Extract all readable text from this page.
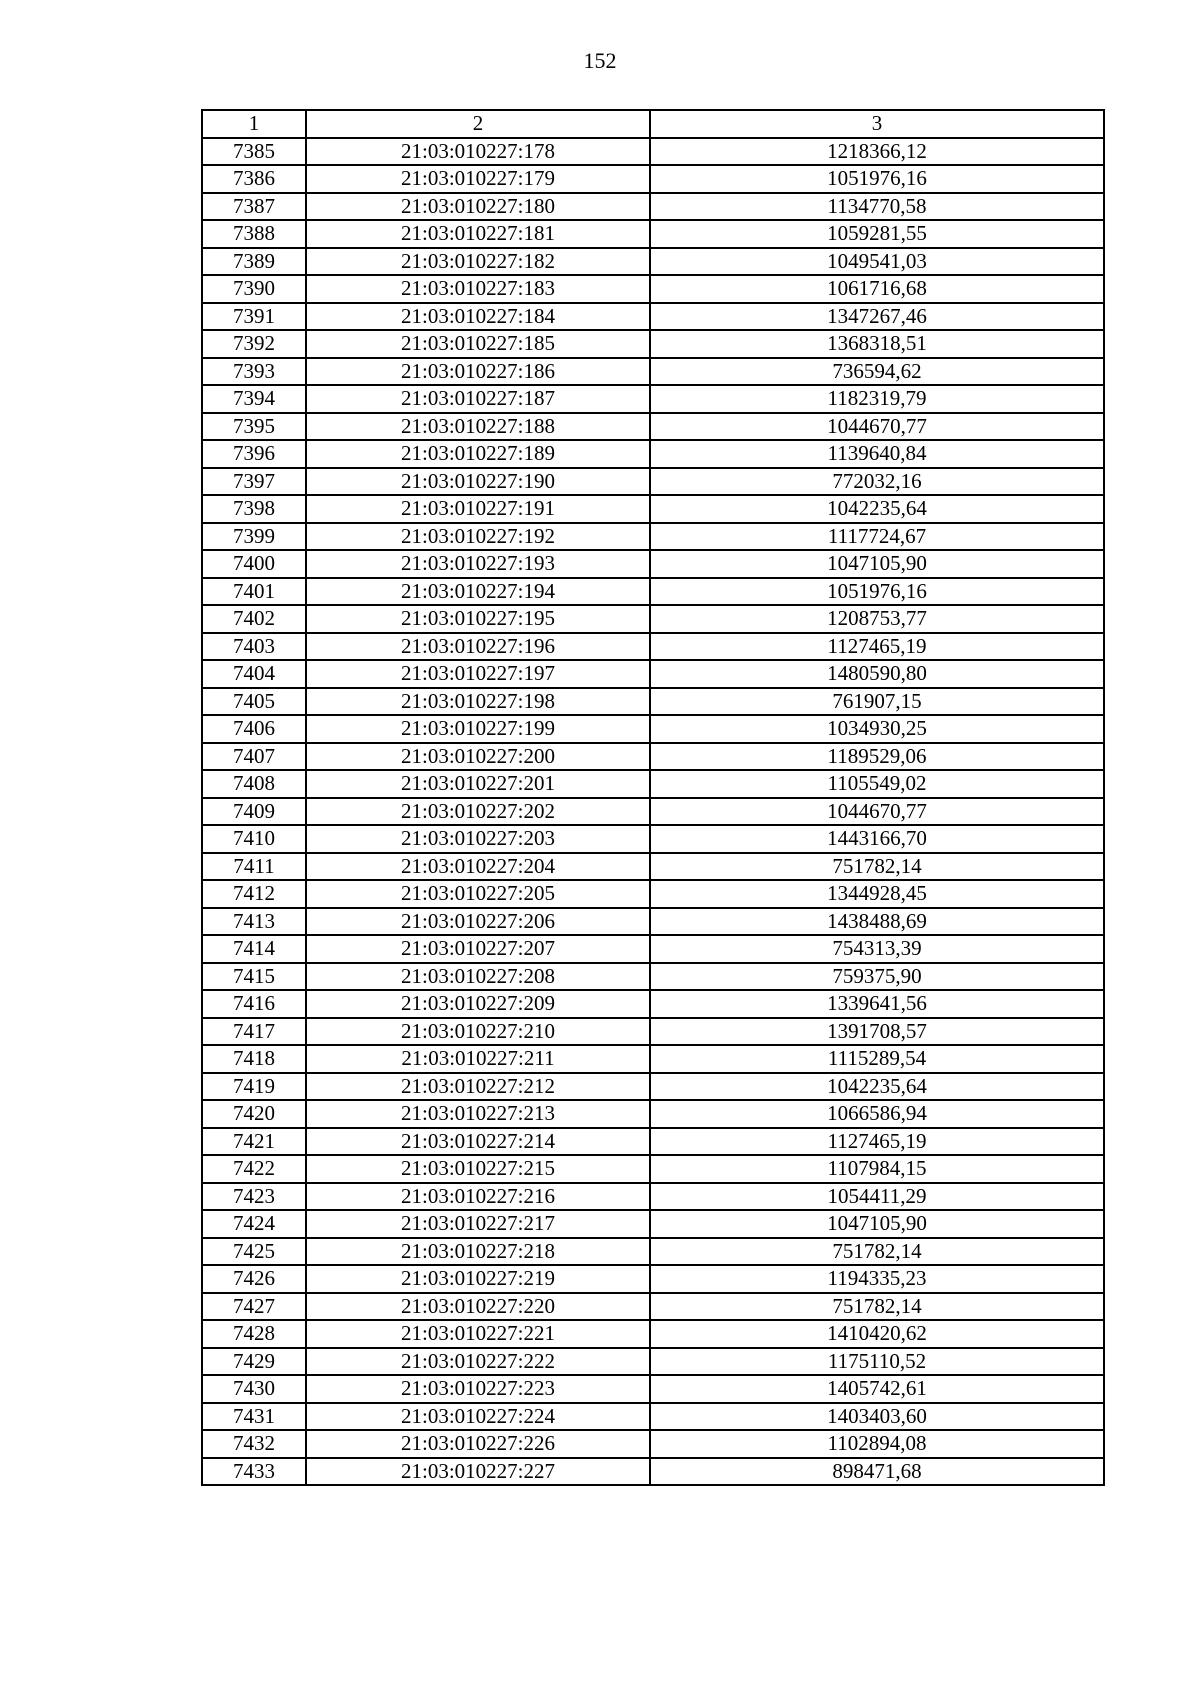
152
1	2	3
7385	21:03:010227:178	1218366,12
7386	21:03:010227:179	1051976,16
7387	21:03:010227:180	1134770,58
7388	21:03:010227:181	1059281,55
7389	21:03:010227:182	1049541,03
7390	21:03:010227:183	1061716,68
7391	21:03:010227:184	1347267,46
7392	21:03:010227:185	1368318,51
7393	21:03:010227:186	736594,62
7394	21:03:010227:187	1182319,79
7395	21:03:010227:188	1044670,77
7396	21:03:010227:189	1139640,84
7397	21:03:010227:190	772032,16
7398	21:03:010227:191	1042235,64
7399	21:03:010227:192	1117724,67
7400	21:03:010227:193	1047105,90
7401	21:03:010227:194	1051976,16
7402	21:03:010227:195	1208753,77
7403	21:03:010227:196	1127465,19
7404	21:03:010227:197	1480590,80
7405	21:03:010227:198	761907,15
7406	21:03:010227:199	1034930,25
7407	21:03:010227:200	1189529,06
7408	21:03:010227:201	1105549,02
7409	21:03:010227:202	1044670,77
7410	21:03:010227:203	1443166,70
7411	21:03:010227:204	751782,14
7412	21:03:010227:205	1344928,45
7413	21:03:010227:206	1438488,69
7414	21:03:010227:207	754313,39
7415	21:03:010227:208	759375,90
7416	21:03:010227:209	1339641,56
7417	21:03:010227:210	1391708,57
7418	21:03:010227:211	1115289,54
7419	21:03:010227:212	1042235,64
7420	21:03:010227:213	1066586,94
7421	21:03:010227:214	1127465,19
7422	21:03:010227:215	1107984,15
7423	21:03:010227:216	1054411,29
7424	21:03:010227:217	1047105,90
7425	21:03:010227:218	751782,14
7426	21:03:010227:219	1194335,23
7427	21:03:010227:220	751782,14
7428	21:03:010227:221	1410420,62
7429	21:03:010227:222	1175110,52
7430	21:03:010227:223	1405742,61
7431	21:03:010227:224	1403403,60
7432	21:03:010227:226	1102894,08
7433	21:03:010227:227	898471,68
